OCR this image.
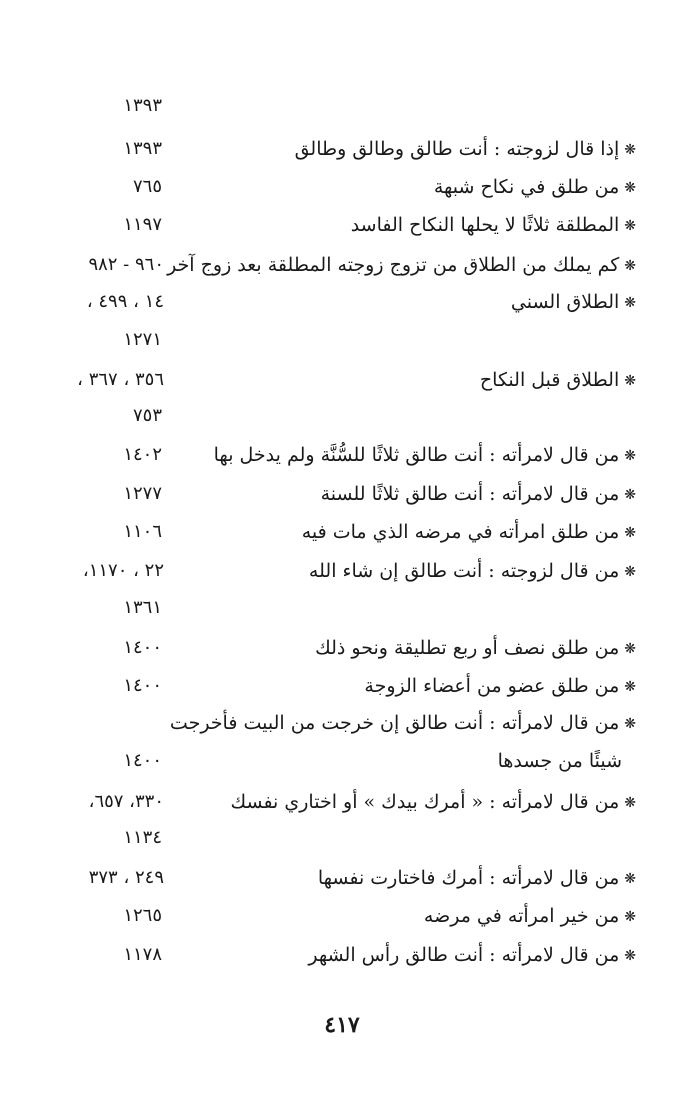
١٣٩٣
❋إذا قال لزوجته : أنت طالق وطالق وطالق
١٣٩٣
❋من طلق في نكاح شبهة
٧٦٥
❋المطلقة ثلاثًا لا يحلها النكاح الفاسد
١١٩٧
❋كم يملك من الطلاق من تزوج زوجته المطلقة بعد زوج آخر
٩٦٠ - ٩٨٢
❋الطلاق السني
١٤ ، ٤٩٩ ،
١٢٧١
❋الطلاق قبل النكاح
٣٥٦ ، ٣٦٧ ،
٧٥٣
❋من قال لامرأته : أنت طالق ثلاثًا للسُّنَّة ولم يدخل بها
١٤٠٢
❋من قال لامرأته : أنت طالق ثلاثًا للسنة
١٢٧٧
❋من طلق امرأته في مرضه الذي مات فيه
١١٠٦
❋من قال لزوجته : أنت طالق إن شاء الله
٢٢ ، ١١٧٠،
١٣٦١
❋من طلق نصف أو ربع تطليقة ونحو ذلك
١٤٠٠
❋من طلق عضو من أعضاء الزوجة
١٤٠٠
❋من قال لامرأته : أنت طالق إن خرجت من البيت فأخرجت
شيئًا من جسدها
١٤٠٠
❋من قال لامرأته : « أمرك بيدك » أو اختاري نفسك
٣٣٠، ٦٥٧،
١١٣٤
❋من قال لامرأته : أمرك فاختارت نفسها
٢٤٩ ، ٣٧٣
❋من خير امرأته في مرضه
١٢٦٥
❋من قال لامرأته : أنت طالق رأس الشهر
١١٧٨
٤١٧
